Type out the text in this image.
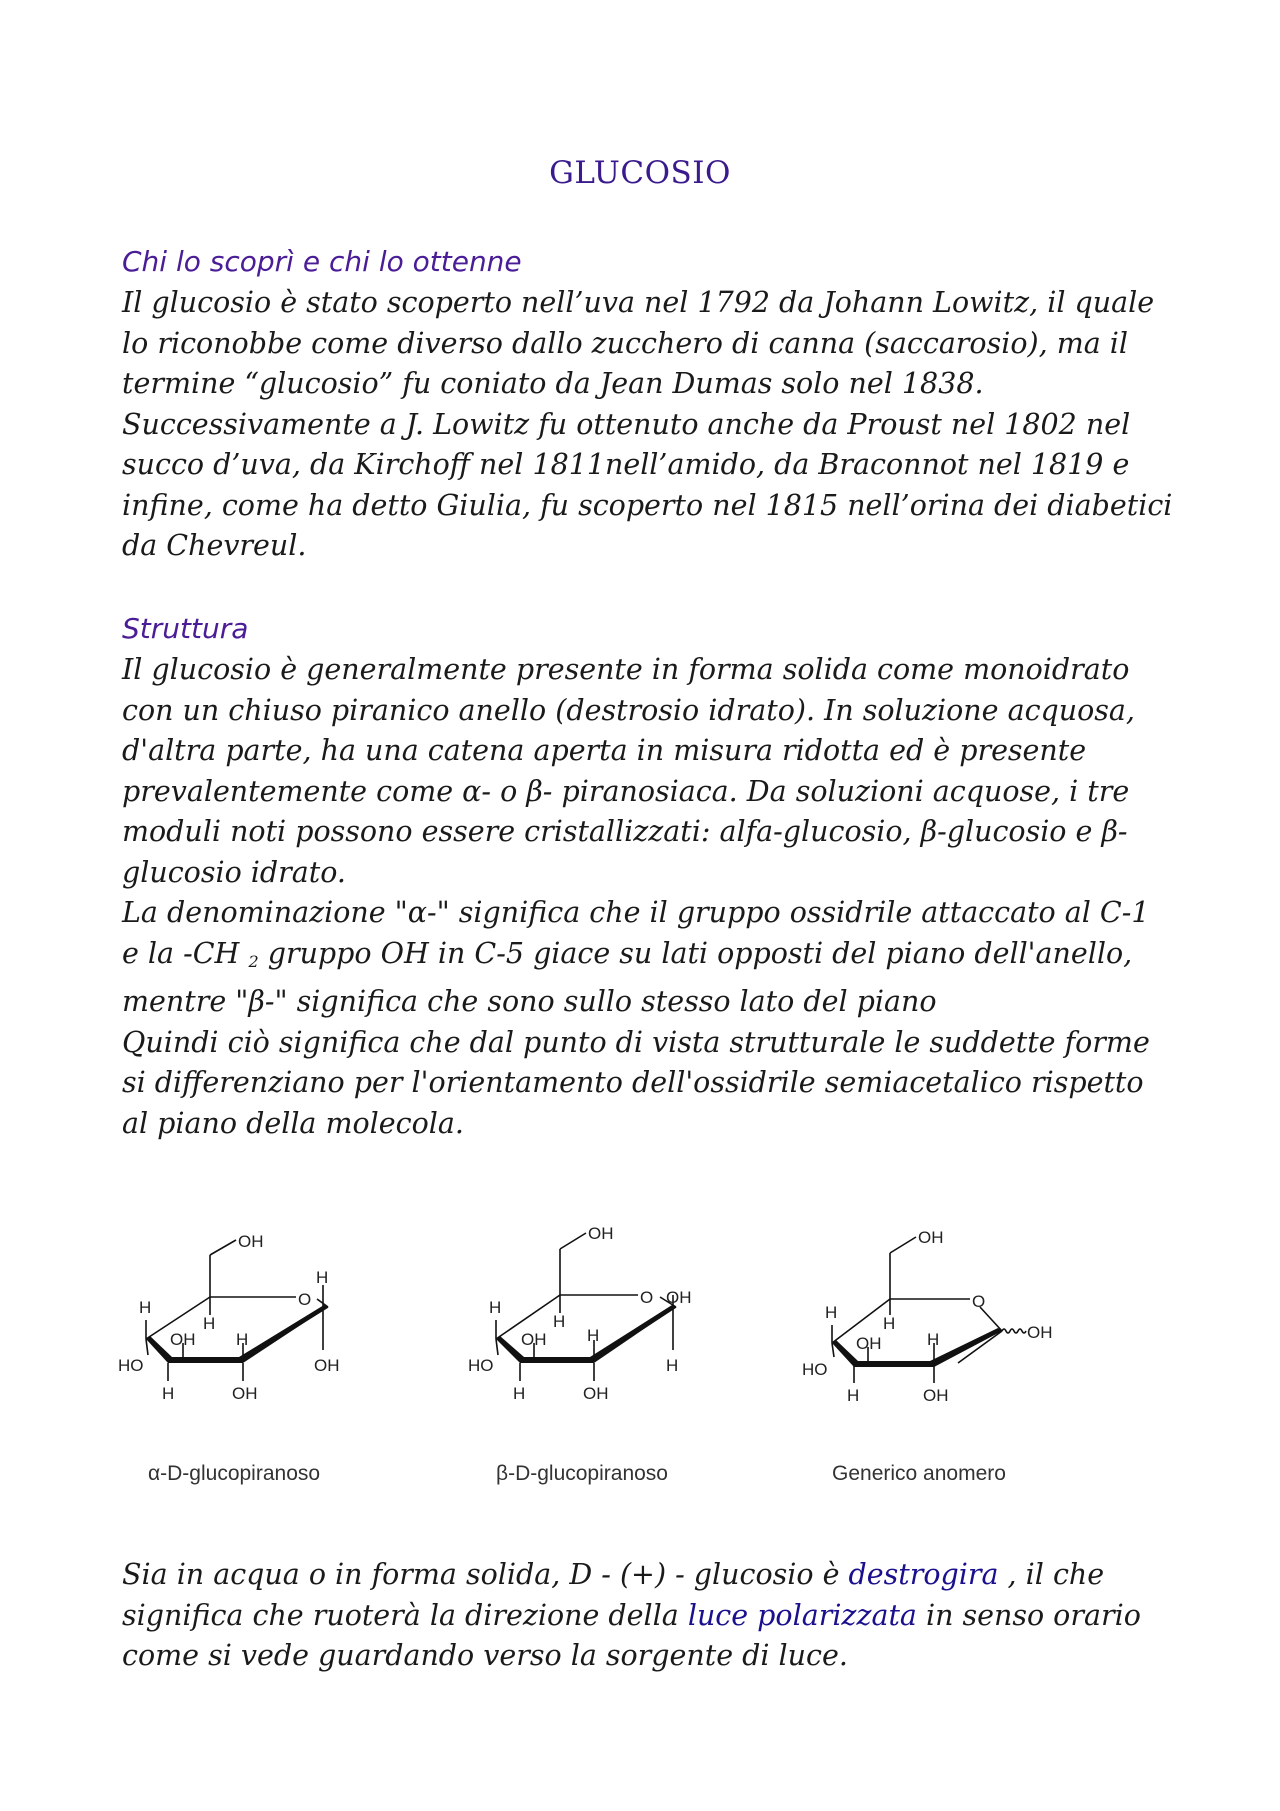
GLUCOSIO
Chi lo scoprì e chi lo ottenne

Il glucosio è stato scoperto nell’uva nel 1792 da Johann Lowitz, il quale
lo riconobbe come diverso dallo zucchero di canna (saccarosio), ma il
termine “glucosio” fu coniato da Jean Dumas solo nel 1838.
Successivamente a J. Lowitz fu ottenuto anche da Proust nel 1802 nel
succo d’uva, da Kirchoff nel 1811nell’amido, da Braconnot nel 1819 e
infine, come ha detto Giulia, fu scoperto nel 1815 nell’orina dei diabetici
da Chevreul.

Struttura

Il glucosio è generalmente presente in forma solida come monoidrato
con un chiuso piranico anello (destrosio idrato). In soluzione acquosa,
d'altra parte, ha una catena aperta in misura ridotta ed è presente
prevalentemente come α- o β- piranosiaca. Da soluzioni acquose, i tre
moduli noti possono essere cristallizzati: alfa-glucosio, β-glucosio e β-
glucosio idrato.
La denominazione "α-" significa che il gruppo ossidrile attaccato al C-1
e la -CH $_2$ gruppo OH in C-5 giace su lati opposti del piano dell'anello,
mentre "β-" significa che sono sullo stesso lato del piano
Quindi ciò significa che dal punto di vista strutturale le suddette forme
si differenziano per l'orientamento dell'ossidrile semiacetalico rispetto
al piano della molecola.

OH
O
H
H
H
OH H
HO	OH
H	OH
α-D-glucopiranoso
OH
O OH
H
H
OH H
HO	H
H	OH
β-D-glucopiranoso
OH
O
H
H
OH	H	OH
HO
H	OH
Generico anomero

Sia in acqua o in forma solida, D - (+) - glucosio è destrogira , il che
significa che ruoterà la direzione della luce polarizzata in senso orario
come si vede guardando verso la sorgente di luce.
